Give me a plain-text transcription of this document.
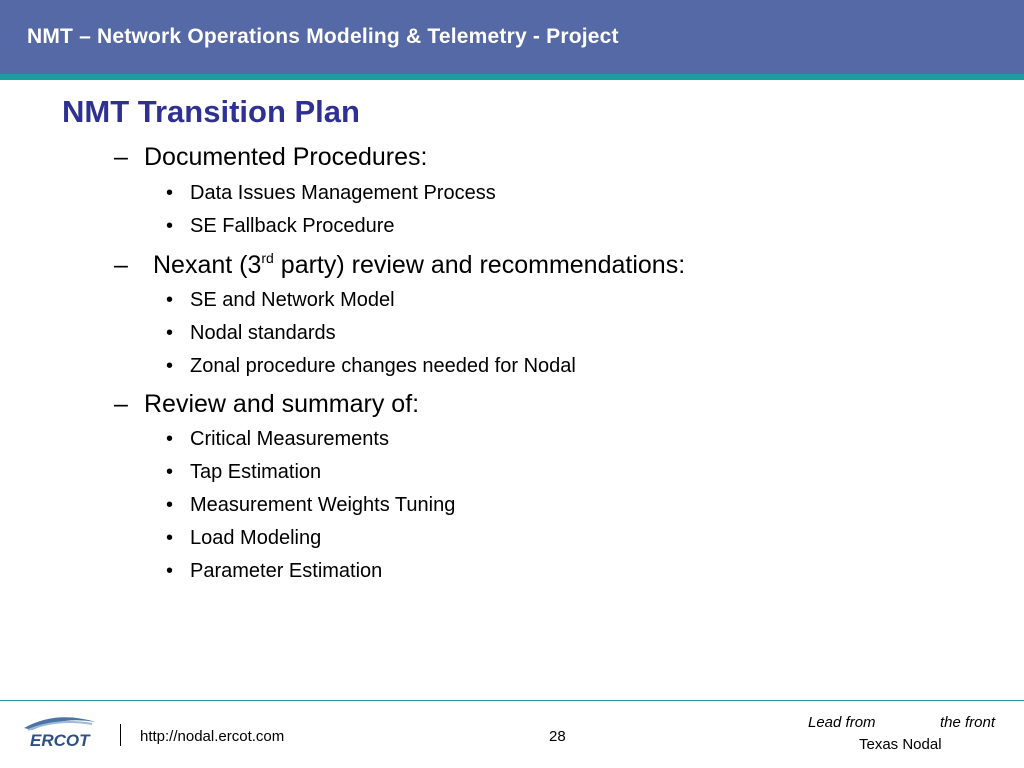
NMT – Network Operations Modeling & Telemetry - Project
NMT Transition Plan
– Documented Procedures:
• Data Issues Management Process
• SE Fallback Procedure
– Nexant (3rd party) review and recommendations:
• SE and Network Model
• Nodal standards
• Zonal procedure changes needed for Nodal
– Review and summary of:
• Critical Measurements
• Tap Estimation
• Measurement Weights Tuning
• Load Modeling
• Parameter Estimation
ERCOT	http://nodal.ercot.com	28
Lead from	the front
Texas Nodal
